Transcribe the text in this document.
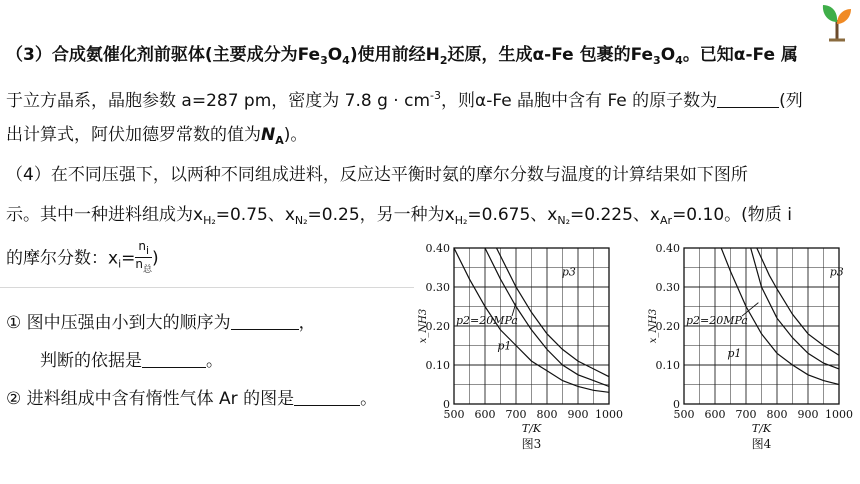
（3）合成氨催化剂前驱体(主要成分为$Fe_3O_4$)使用前经$H_2$还原，生成α-Fe 包裹的$Fe_3O_4$。已知α-Fe 属
于立方晶系，晶胞参数 a=287 pm，密度为 7.8 $g \cdot cm^{-3}$，则α-Fe 晶胞中含有 Fe 的原子数为	(列
出计算式，阿伏加德罗常数的值为$N_A$)。
（4）在不同压强下，以两种不同组成进料，反应达平衡时氨的摩尔分数与温度的计算结果如下图所
示。其中一种进料组成为$x_{H_2}=0.75$、$x_{N_2}=0.25$，另一种为$x_{H_2}=0.675$、$x_{N_2}=0.225$、$x_{Ar}=0.10$。(物质 i
的摩尔分数：$x_i= \frac{ni}{n_总}$ )
① 图中压强由小到大的顺序为	，
判断的依据是	。
② 进料组成中含有惰性气体 Ar 的图是	。
500 600 700 800 900 1000
0
0.10
0.20
0.30
0.40
T/K
x_NH3
图3
p3
p2=20MPa
p1
500 600 700 800 900 1000
0
0.10
0.20
0.30
0.40
T/K
x_NH3
图4
p3
p2=20MPa
p1
